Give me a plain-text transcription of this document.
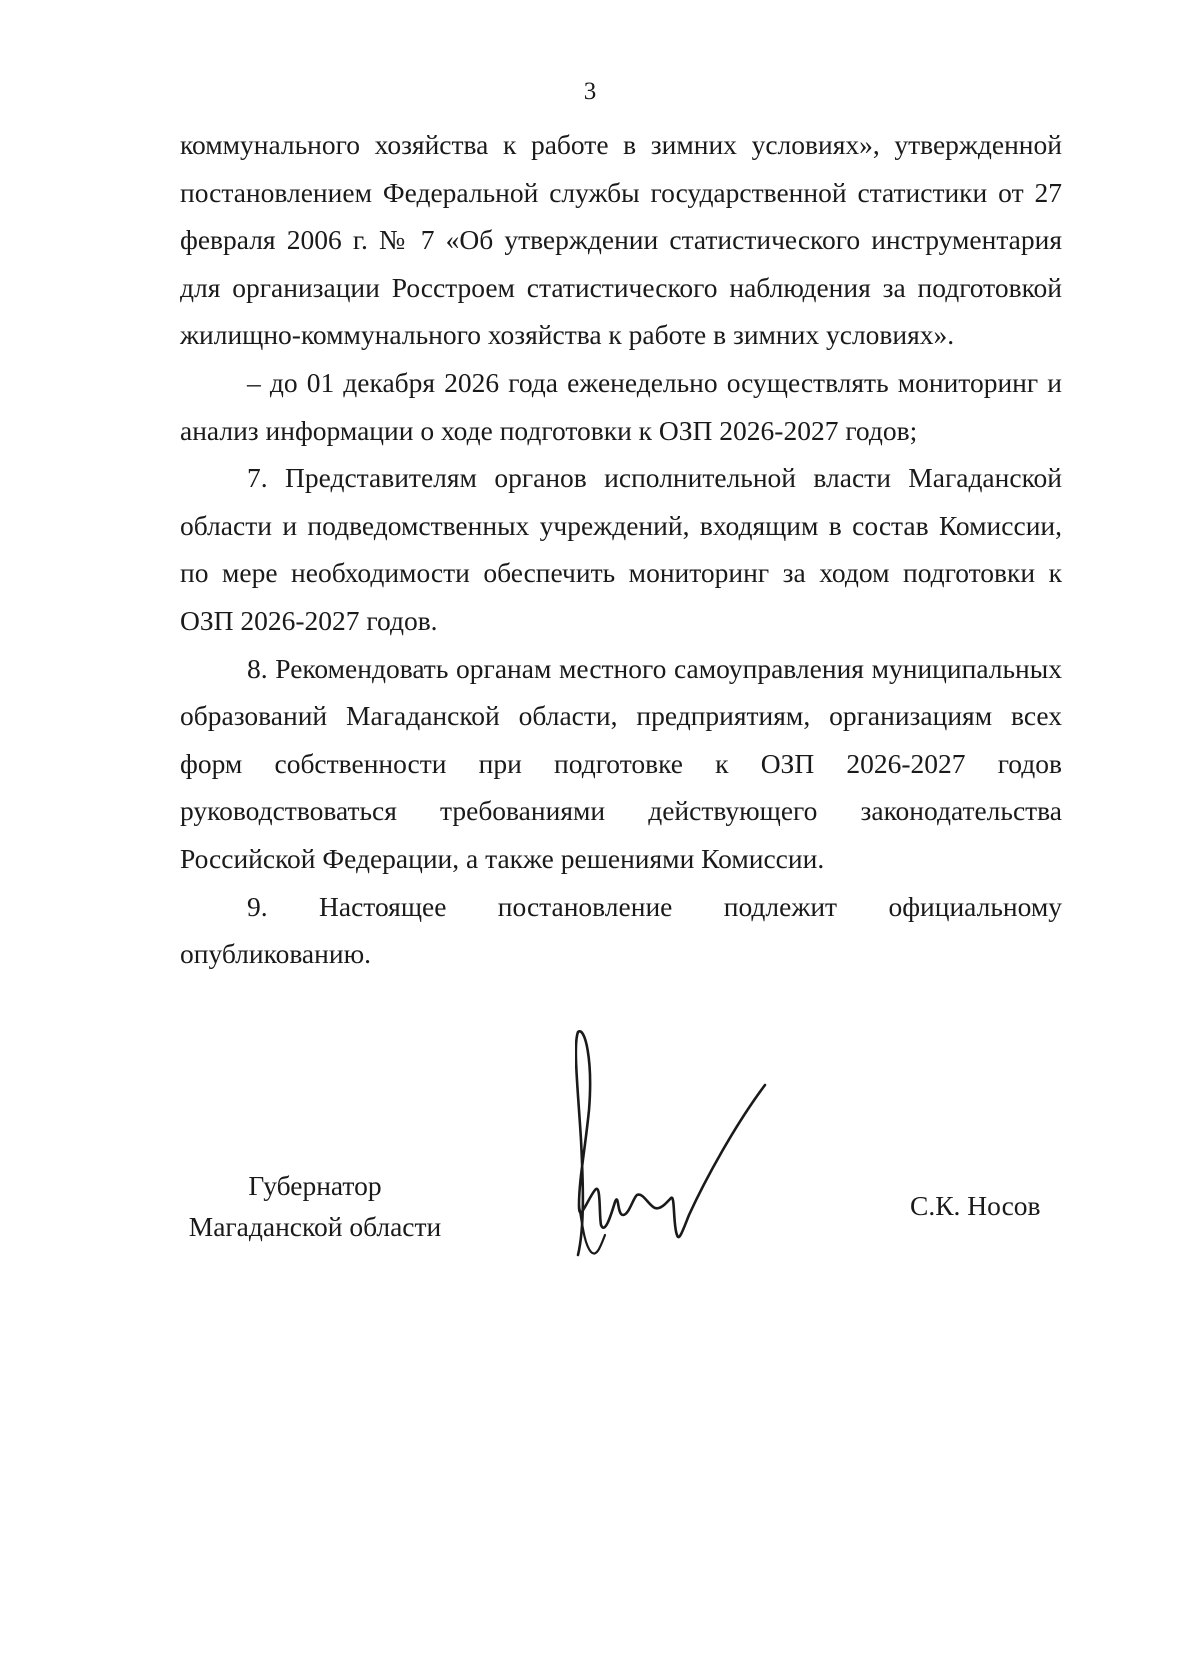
3

коммунального хозяйства к работе в зимних условиях», утвержденной постановлением Федеральной службы государственной статистики от 27 февраля 2006 г. № 7 «Об утверждении статистического инструментария для организации Росстроем статистического наблюдения за подготовкой жилищно-коммунального хозяйства к работе в зимних условиях».

– до 01 декабря 2026 года еженедельно осуществлять мониторинг и анализ информации о ходе подготовки к ОЗП 2026-2027 годов;

7. Представителям органов исполнительной власти Магаданской области и подведомственных учреждений, входящим в состав Комиссии, по мере необходимости обеспечить мониторинг за ходом подготовки к ОЗП 2026-2027 годов.

8. Рекомендовать органам местного самоуправления муниципальных образований Магаданской области, предприятиям, организациям всех форм собственности при подготовке к ОЗП 2026-2027 годов руководствоваться требованиями действующего законодательства Российской Федерации, а также решениями Комиссии.

9. Настоящее постановление подлежит официальному опубликованию.

Губернатор
Магаданской области
С.К. Носов
